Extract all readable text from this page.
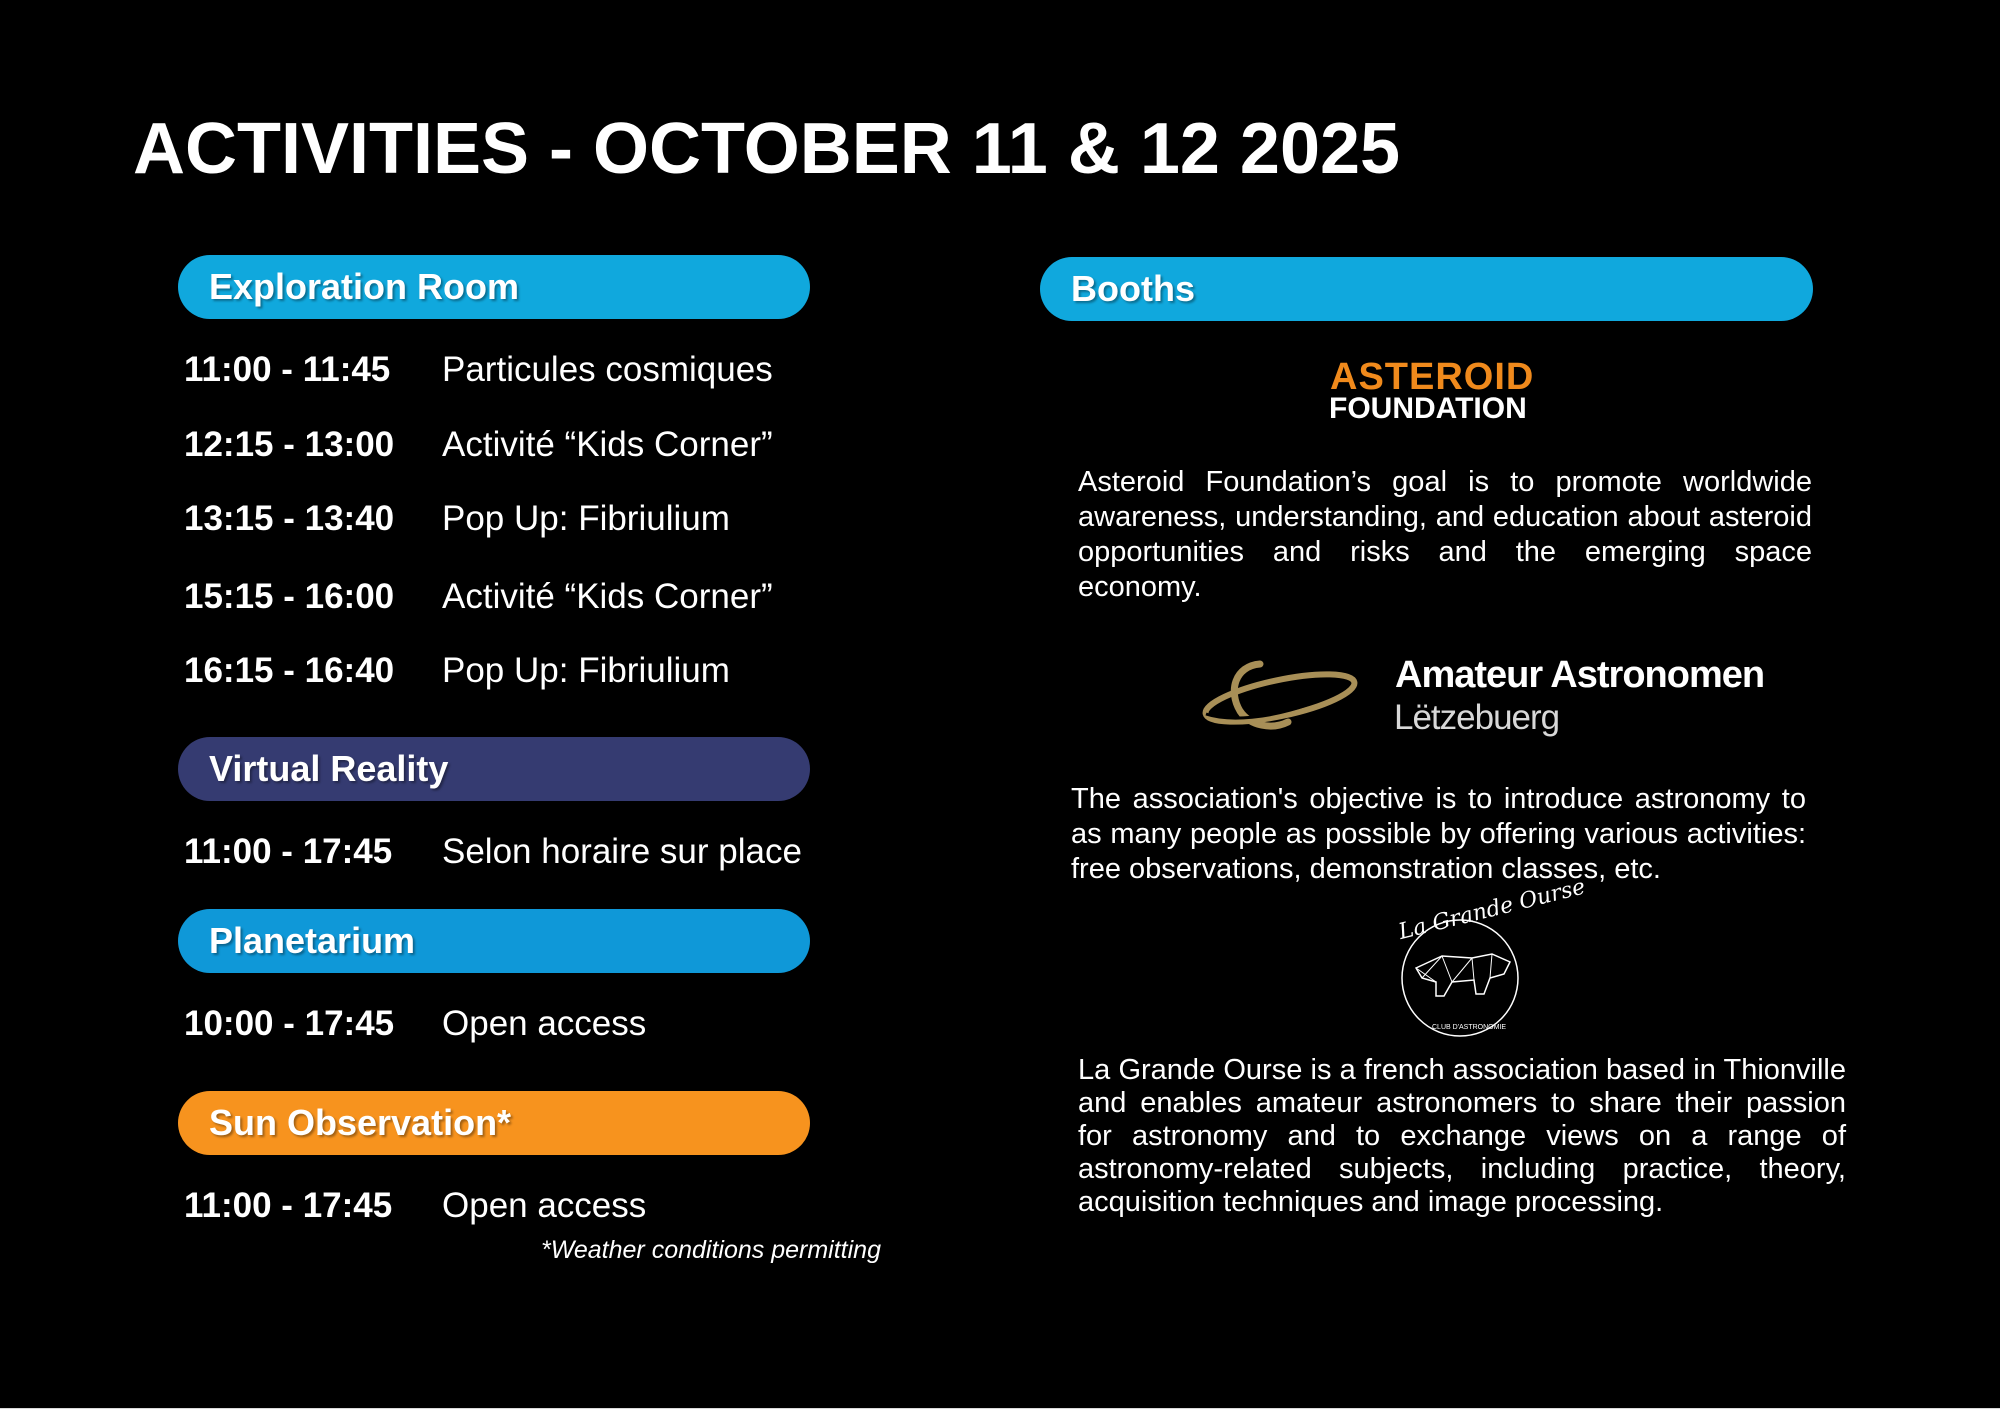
ACTIVITIES - OCTOBER 11 & 12 2025
Exploration Room
11:00 - 11:45 Particules cosmiques
12:15 - 13:00 Activité “Kids Corner”
13:15 - 13:40 Pop Up: Fibriulium
15:15 - 16:00 Activité “Kids Corner”
16:15 - 16:40 Pop Up: Fibriulium
Virtual Reality
11:00 - 17:45 Selon horaire sur place
Planetarium
10:00 - 17:45 Open access
Sun Observation*
11:00 - 17:45 Open access
*Weather conditions permitting
Booths
ASTEROID
FOUNDATION
Asteroid Foundation’s goal is to promote worldwide awareness, understanding, and education about asteroid opportunities and risks and the emerging space economy.
Amateur Astronomen
Lëtzebuerg
The association's objective is to introduce astronomy to as many people as possible by offering various activities: free observations, demonstration classes, etc.
La Grande Ourse
CLUB D'ASTRONOMIE
La Grande Ourse is a french association based in Thionville and enables amateur astronomers to share their passion for astronomy and to exchange views on a range of astronomy-related subjects, including practice, theory, acquisition techniques and image processing.
